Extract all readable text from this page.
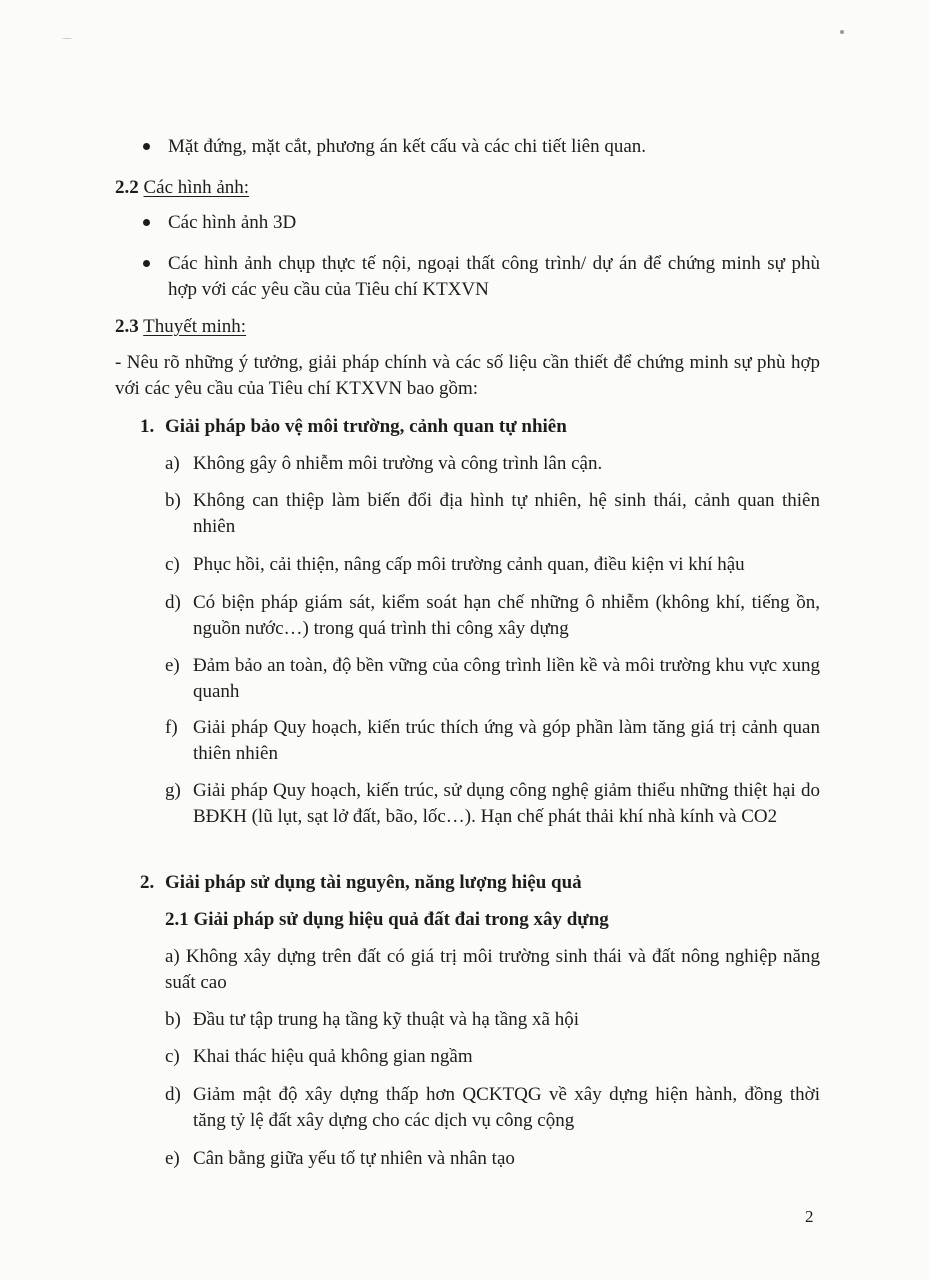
Mặt đứng, mặt cắt, phương án kết cấu và các chi tiết liên quan.
2.2 Các hình ảnh:
Các hình ảnh 3D
Các hình ảnh chụp thực tế nội, ngoại thất công trình/ dự án để chứng minh sự phù hợp với các yêu cầu của Tiêu chí KTXVN
2.3 Thuyết minh:
- Nêu rõ những ý tưởng, giải pháp chính và các số liệu cần thiết để chứng minh sự phù hợp với các yêu cầu của Tiêu chí KTXVN bao gồm:
1. Giải pháp bảo vệ môi trường, cảnh quan tự nhiên
a) Không gây ô nhiễm môi trường và công trình lân cận.
b) Không can thiệp làm biến đổi địa hình tự nhiên, hệ sinh thái, cảnh quan thiên nhiên
c) Phục hồi, cải thiện, nâng cấp môi trường cảnh quan, điều kiện vi khí hậu
d) Có biện pháp giám sát, kiểm soát hạn chế những ô nhiễm (không khí, tiếng ồn, nguồn nước…) trong quá trình thi công xây dựng
e) Đảm bảo an toàn, độ bền vững của công trình liền kề và môi trường khu vực xung quanh
f) Giải pháp Quy hoạch, kiến trúc thích ứng và góp phần làm tăng giá trị cảnh quan thiên nhiên
g) Giải pháp Quy hoạch, kiến trúc, sử dụng công nghệ giảm thiểu những thiệt hại do BĐKH (lũ lụt, sạt lở đất, bão, lốc…). Hạn chế phát thải khí nhà kính và CO2
2. Giải pháp sử dụng tài nguyên, năng lượng hiệu quả
2.1 Giải pháp sử dụng hiệu quả đất đai trong xây dựng
a) Không xây dựng trên đất có giá trị môi trường sinh thái và đất nông nghiệp năng suất cao
b) Đầu tư tập trung hạ tầng kỹ thuật và hạ tầng xã hội
c) Khai thác hiệu quả không gian ngầm
d) Giảm mật độ xây dựng thấp hơn QCKTQG về xây dựng hiện hành, đồng thời tăng tỷ lệ đất xây dựng cho các dịch vụ công cộng
e) Cân bằng giữa yếu tố tự nhiên và nhân tạo
2
